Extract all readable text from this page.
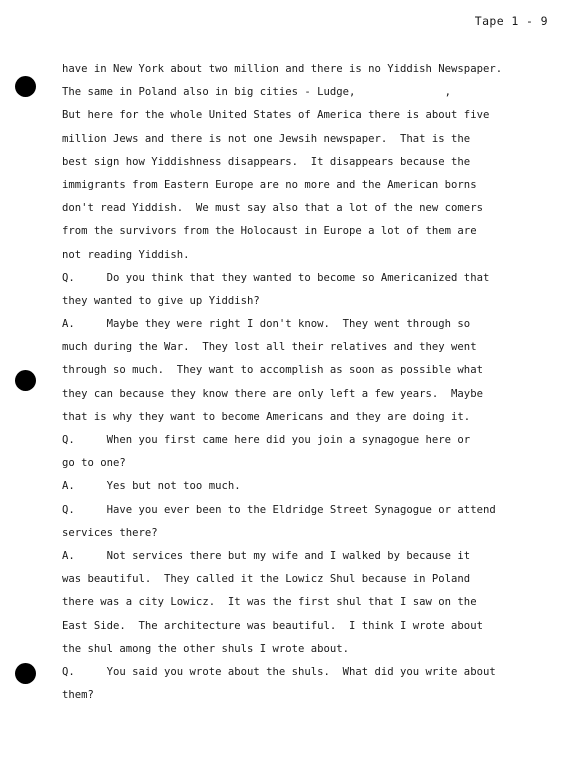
Tape 1 - 9
have in New York about two million and there is no Yiddish Newspaper.
The same in Poland also in big cities - Ludge,              ,
But here for the whole United States of America there is about five
million Jews and there is not one Jewsih newspaper.  That is the
best sign how Yiddishness disappears.  It disappears because the
immigrants from Eastern Europe are no more and the American borns
don't read Yiddish.  We must say also that a lot of the new comers
from the survivors from the Holocaust in Europe a lot of them are
not reading Yiddish.
Q.     Do you think that they wanted to become so Americanized that
they wanted to give up Yiddish?
A.     Maybe they were right I don't know.  They went through so
much during the War.  They lost all their relatives and they went
through so much.  They want to accomplish as soon as possible what
they can because they know there are only left a few years.  Maybe
that is why they want to become Americans and they are doing it.
Q.     When you first came here did you join a synagogue here or
go to one?
A.     Yes but not too much.
Q.     Have you ever been to the Eldridge Street Synagogue or attend
services there?
A.     Not services there but my wife and I walked by because it
was beautiful.  They called it the Lowicz Shul because in Poland
there was a city Lowicz.  It was the first shul that I saw on the
East Side.  The architecture was beautiful.  I think I wrote about
the shul among the other shuls I wrote about.
Q.     You said you wrote about the shuls.  What did you write about
them?
